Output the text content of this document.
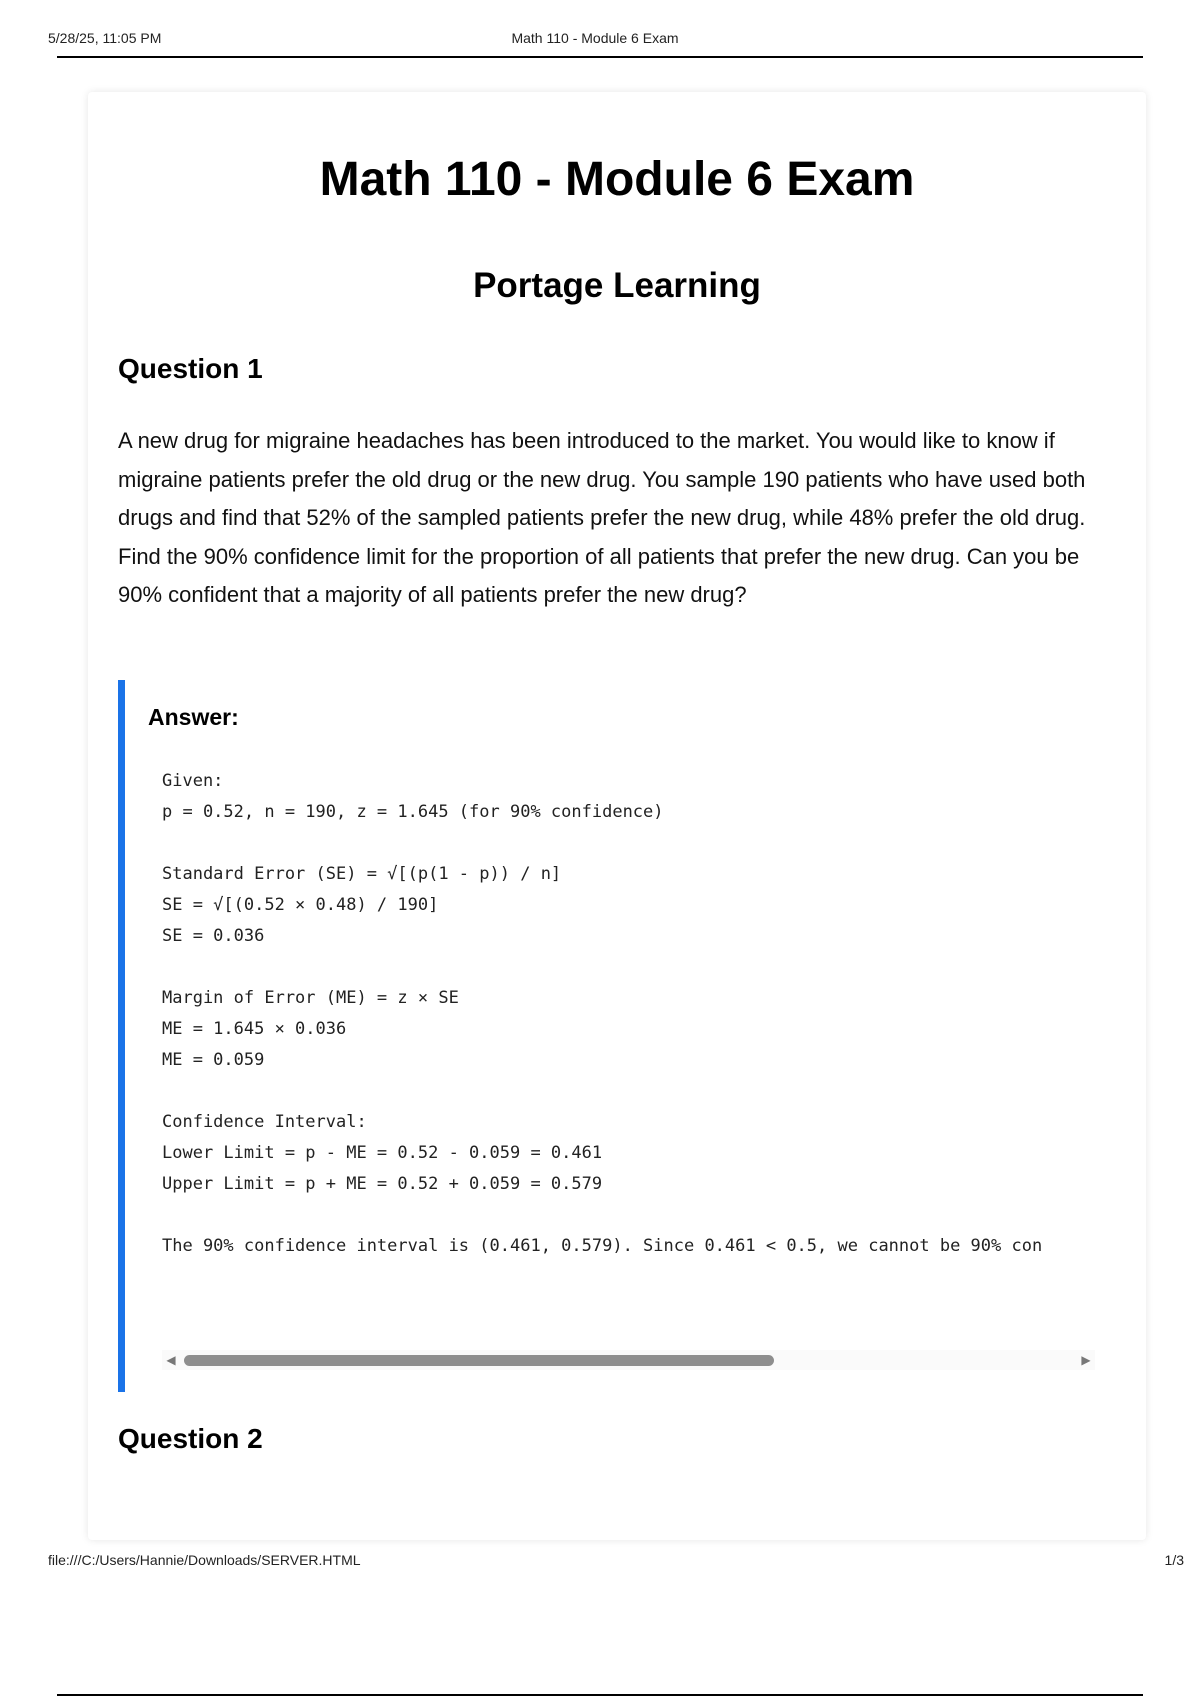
5/28/25, 11:05 PM	Math 110 - Module 6 Exam
Math 110 - Module 6 Exam
Portage Learning
Question 1

A new drug for migraine headaches has been introduced to the market. You would like to know if migraine patients prefer the old drug or the new drug. You sample 190 patients who have used both drugs and find that 52% of the sampled patients prefer the new drug, while 48% prefer the old drug. Find the 90% confidence limit for the proportion of all patients that prefer the new drug. Can you be 90% confident that a majority of all patients prefer the new drug?

Answer:
Given:
p = 0.52, n = 190, z = 1.645 (for 90% confidence)
Standard Error (SE) = √[(p(1 - p)) / n]
SE = √[(0.52 × 0.48) / 190]
SE = 0.036
Margin of Error (ME) = z × SE
ME = 1.645 × 0.036
ME = 0.059
Confidence Interval:
Lower Limit = p - ME = 0.52 - 0.059 = 0.461
Upper Limit = p + ME = 0.52 + 0.059 = 0.579
The 90% confidence interval is (0.461, 0.579). Since 0.461 < 0.5, we cannot be 90% con
◀	▶
Question 2
file:///C:/Users/Hannie/Downloads/SERVER.HTML	1/3
